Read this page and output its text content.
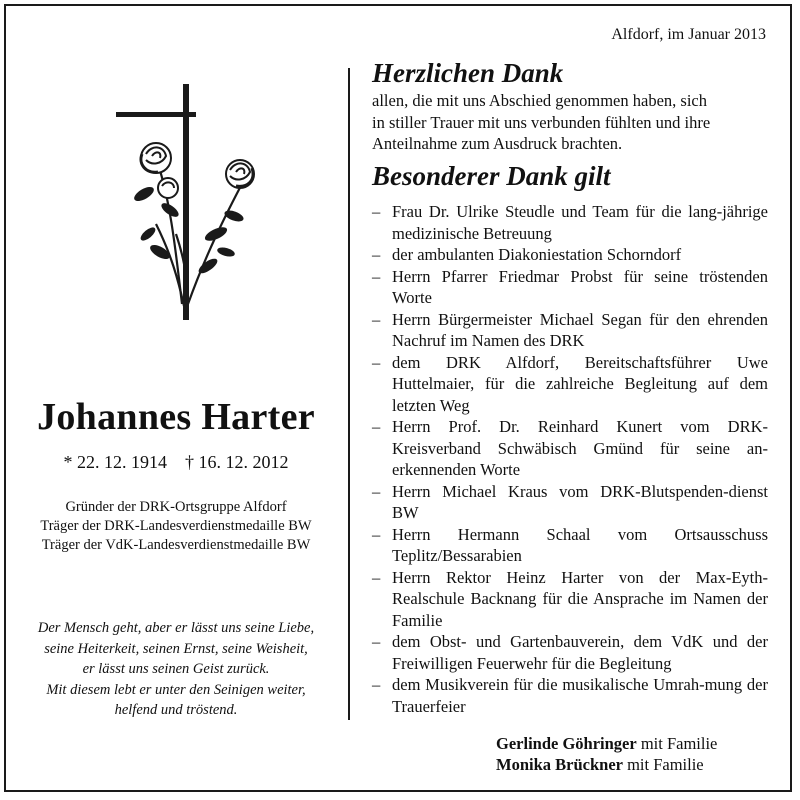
Johannes Harter
* 22. 12. 1914 † 16. 12. 2012
Gründer der DRK-Ortsgruppe Alfdorf
Träger der DRK-Landesverdienstmedaille BW
Träger der VdK-Landesverdienstmedaille BW
Der Mensch geht, aber er lässt uns seine Liebe,
seine Heiterkeit, seinen Ernst, seine Weisheit,
er lässt uns seinen Geist zurück.
Mit diesem lebt er unter den Seinigen weiter,
helfend und tröstend.
Alfdorf, im Januar 2013
Herzlichen Dank
allen, die mit uns Abschied genommen haben, sich
in stiller Trauer mit uns verbunden fühlten und ihre
Anteilnahme zum Ausdruck brachten.
Besonderer Dank gilt
– Frau Dr. Ulrike Steudle und Team für die lang-jährige medizinische Betreuung
– der ambulanten Diakoniestation Schorndorf
– Herrn Pfarrer Friedmar Probst für seine tröstenden Worte
– Herrn Bürgermeister Michael Segan für den ehrenden Nachruf im Namen des DRK
– dem DRK Alfdorf, Bereitschaftsführer Uwe Huttelmaier, für die zahlreiche Begleitung auf dem letzten Weg
– Herrn Prof. Dr. Reinhard Kunert vom DRK-Kreisverband Schwäbisch Gmünd für seine an-erkennenden Worte
– Herrn Michael Kraus vom DRK-Blutspenden-dienst BW
– Herrn Hermann Schaal vom Ortsausschuss Teplitz/Bessarabien
– Herrn Rektor Heinz Harter von der Max-Eyth-Realschule Backnang für die Ansprache im Namen der Familie
– dem Obst- und Gartenbauverein, dem VdK und der Freiwilligen Feuerwehr für die Begleitung
– dem Musikverein für die musikalische Umrah-mung der Trauerfeier
Gerlinde Göhringer mit Familie
Monika Brückner mit Familie
